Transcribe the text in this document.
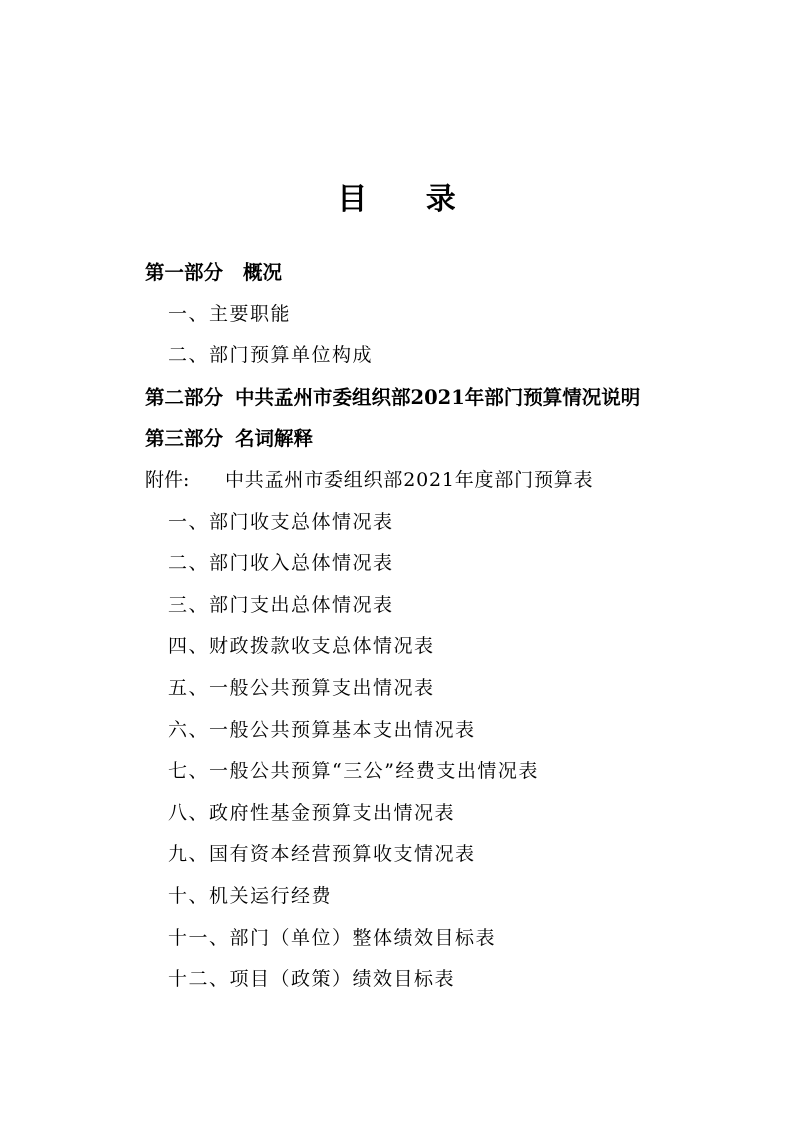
目 录
第一部分 概况
一、主要职能
二、部门预算单位构成
第二部分 中共孟州市委组织部2021年部门预算情况说明
第三部分 名词解释
附件: 中共孟州市委组织部2021年度部门预算表
一、部门收支总体情况表
二、部门收入总体情况表
三、部门支出总体情况表
四、财政拨款收支总体情况表
五、一般公共预算支出情况表
六、一般公共预算基本支出情况表
七、一般公共预算“三公”经费支出情况表
八、政府性基金预算支出情况表
九、国有资本经营预算收支情况表
十、机关运行经费
十一、部门（单位）整体绩效目标表
十二、项目（政策）绩效目标表
